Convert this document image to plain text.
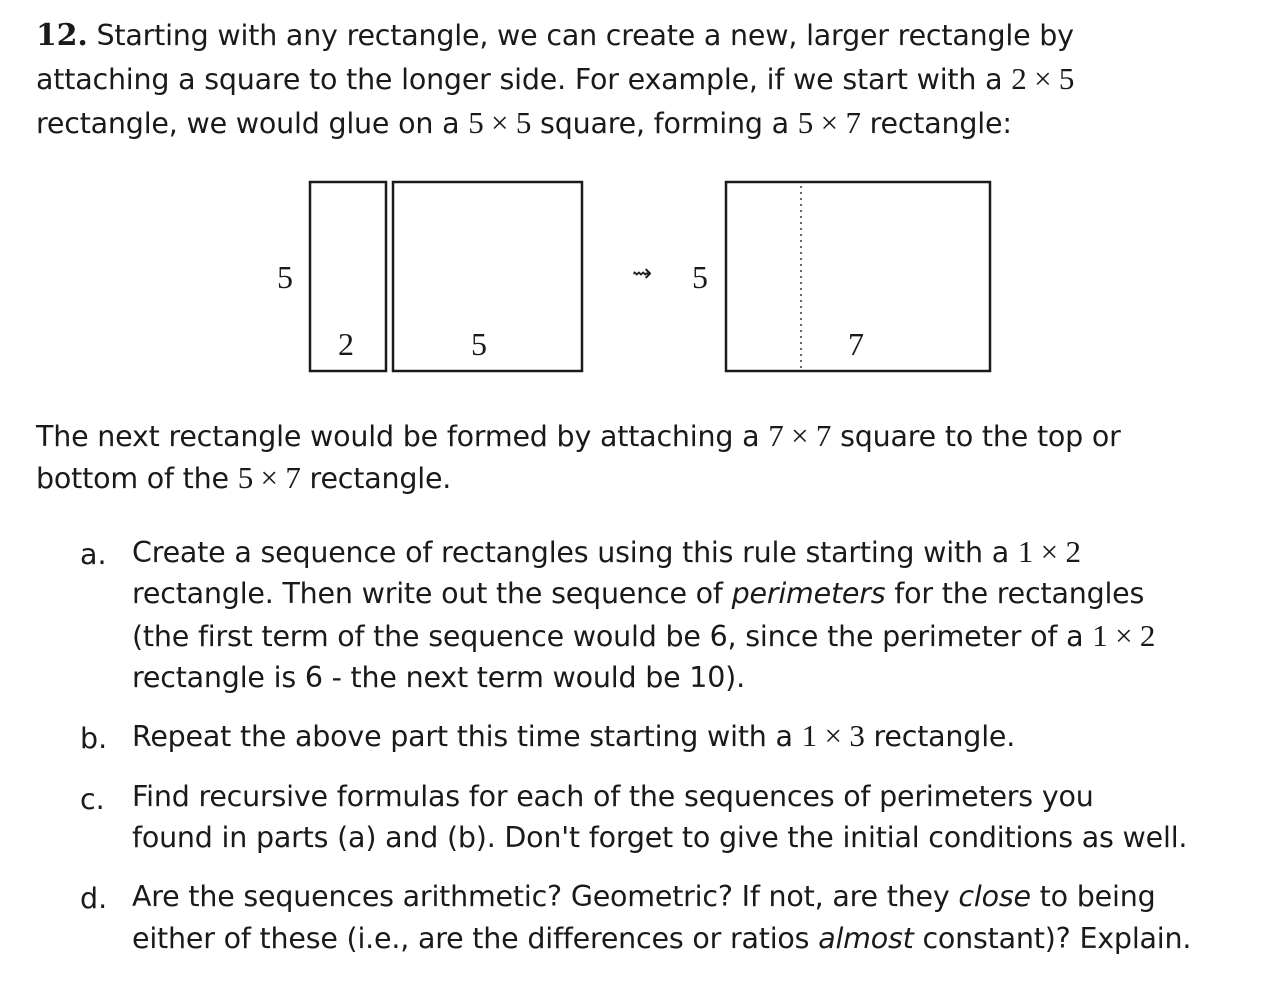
12. Starting with any rectangle, we can create a new, larger rectangle by
attaching a square to the longer side. For example, if we start with a 2 × 5
rectangle, we would glue on a 5 × 5 square, forming a 5 × 7 rectangle:
5
2	5
⇝ 5
7
The next rectangle would be formed by attaching a 7 × 7 square to the top or
bottom of the 5 × 7 rectangle.
a. Create a sequence of rectangles using this rule starting with a 1 × 2
rectangle. Then write out the sequence of perimeters for the rectangles
(the first term of the sequence would be 6, since the perimeter of a 1 × 2
rectangle is 6 - the next term would be 10).
b. Repeat the above part this time starting with a 1 × 3 rectangle.
c. Find recursive formulas for each of the sequences of perimeters you
found in parts (a) and (b). Don't forget to give the initial conditions as well.
d. Are the sequences arithmetic? Geometric? If not, are they close to being
either of these (i.e., are the differences or ratios almost constant)? Explain.
